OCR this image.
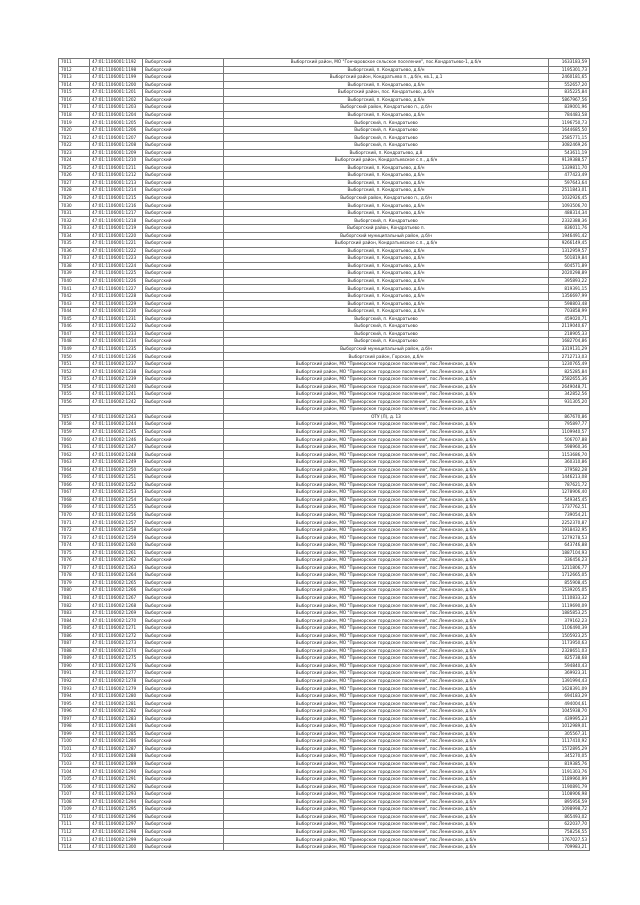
7011	47:01:1106001:1192	Выборгский	Выборгский район, МО "Гончаровское сельское поселение", пос.Кондратьево-1, д.б/н	1633183,59
7012	47:01:1106001:1198	Выборгский	Выборгский, п. Кондратьево, д.б/н	1195301,73
7013	47:01:1106001:1199	Выборгский	Выборгский район, Кондратьево п., д.б/н, кв.1, д.1	2460181,65
7014	47:01:1106001:1200	Выборгский	Выборгский, п. Кондратьево, д.б/н	552657,20
7015	47:01:1106001:1201	Выборгский	Выборгский район, пос. Кондратьево, д.б/н	835225,84
7016	47:01:1106001:1202	Выборгский	Выборгский, п. Кондратьево, д.б/н	5867967,56
7017	47:01:1106001:1203	Выборгский	Выборгский район, Кондратьево п., д.б/н	839001,96
7018	47:01:1106001:1204	Выборгский	Выборгский, п. Кондратьево, д.б/н	784483,58
7019	47:01:1106001:1205	Выборгский	Выборгский, п. Кондратьево	1196750,73
7020	47:01:1106001:1206	Выборгский	Выборгский, п. Кондратьево	1644685,50
7021	47:01:1106001:1207	Выборгский	Выборгский, п. Кондратьево	2585771,15
7022	47:01:1106001:1208	Выборгский	Выборгский, п. Кондратьево	3082469,26
7023	47:01:1106001:1209	Выборгский	Выборгский, п. Кондратьево, д.8	543611,19
7024	47:01:1106001:1210	Выборгский	Выборгский район, Кондратьевское с.п., д.б/н	9139388,57
7025	47:01:1106001:1211	Выборгский	Выборгский, п. Кондратьево, д.б/н	1339811,70
7026	47:01:1106001:1212	Выборгский	Выборгский, п. Кондратьево, д.б/н	477423,49
7027	47:01:1106001:1213	Выборгский	Выборгский, п. Кондратьево, д.б/н	597643,64
7028	47:01:1106001:1214	Выборгский	Выборгский, п. Кондратьево, д.б/н	2511843,01
7029	47:01:1106001:1215	Выборгский	Выборгский район, Кондратьево п., д.б/н	1032926,45
7030	47:01:1106001:1216	Выборгский	Выборгский, п. Кондратьево, д.б/н	1093506,70
7031	47:01:1106001:1217	Выборгский	Выборгский, п. Кондратьево, д.б/н	488314,34
7032	47:01:1106001:1218	Выборгский	Выборгский, п. Кондратьево	2332388,36
7033	47:01:1106001:1219	Выборгский	Выборгский район, Кондратьево п.	836011,76
7034	47:01:1106001:1220	Выборгский	Выборгский муниципальный район, д.б/н	1946491,42
7035	47:01:1106001:1221	Выборгский	Выборгский район, Кондратьевское с.п., д.б/н	9266149,45
7036	47:01:1106001:1222	Выборгский	Выборгский, п. Кондратьево, д.б/н	1312959,57
7037	47:01:1106001:1223	Выборгский	Выборгский, п. Кондратьево, д.б/н	501819,84
7038	47:01:1106001:1224	Выборгский	Выборгский, п. Кондратьево, д.б/н	604571,89
7039	47:01:1106001:1225	Выборгский	Выборгский, п. Кондратьево, д.б/н	2020298,89
7040	47:01:1106001:1226	Выборгский	Выборгский, п. Кондратьево, д.б/н	395893,22
7041	47:01:1106001:1227	Выборгский	Выборгский, п. Кондратьево, д.б/н	819391,15
7042	47:01:1106001:1228	Выборгский	Выборгский, п. Кондратьево, д.б/н	1356697,99
7043	47:01:1106001:1229	Выборгский	Выборгский, п. Кондратьево, д.б/н	598803,48
7044	47:01:1106001:1230	Выборгский	Выборгский, п. Кондратьево, д.б/н	703858,99
7045	47:01:1106001:1231	Выборгский	Выборгский, п. Кондратьево	459020,71
7046	47:01:1106001:1232	Выборгский	Выборгский, п. Кондратьево	2119040,67
7047	47:01:1106001:1233	Выборгский	Выборгский, п. Кондратьево	218905,33
7048	47:01:1106001:1234	Выборгский	Выборгский, п. Кондратьево	1682704,86
7049	47:01:1106001:1235	Выборгский	Выборгский муниципальный район, д.б/н	3319131,29
7050	47:01:1106001:1236	Выборгский	Выборгский район, Горское, д.б/н	2712713,03
7051	47:01:1106002:1237	Выборгский	Выборгский район, МО "Приморское городское поселение", пос.Ленинское, д.б/н	1230765,49
7052	47:01:1106002:1238	Выборгский	Выборгский район, МО "Приморское городское поселение", пос.Ленинское, д.б/н	825285,84
7053	47:01:1106002:1239	Выборгский	Выборгский район, МО "Приморское городское поселение", пос.Ленинское, д.б/н	2582655,36
7054	47:01:1106002:1240	Выборгский	Выборгский район, МО "Приморское городское поселение", пос.Ленинское, д.б/н	2649048,71
7055	47:01:1106002:1241	Выборгский	Выборгский район, МО "Приморское городское поселение", пос.Ленинское, д.б/н	342852,56
7056	47:01:1106002:1242	Выборгский	Выборгский район, МО "Приморское городское поселение", пос.Ленинское, д.б/н	931305,20
			Выборгский район, МО "Приморское городское поселение", пос.Ленинское, д.б/н	
7057	47:01:1106002:1243	Выборгский	ОТУ (Л), д. 13	867670,86
7058	47:01:1106002:1244	Выборгский	Выборгский район, МО "Приморское городское поселение", пос.Ленинское, д.б/н	795897,77
7059	47:01:1106002:1245	Выборгский	Выборгский район, МО "Приморское городское поселение", пос.Ленинское, д.б/н	1109940,57
7060	47:01:1106002:1246	Выборгский	Выборгский район, МО "Приморское городское поселение", пос.Ленинское, д.б/н	506707,88
7061	47:01:1106002:1247	Выборгский	Выборгский район, МО "Приморское городское поселение", пос.Ленинское, д.б/н	598960,36
7062	47:01:1106002:1248	Выборгский	Выборгский район, МО "Приморское городское поселение", пос.Ленинское, д.б/н	1153686,70
7063	47:01:1106002:1249	Выборгский	Выборгский район, МО "Приморское городское поселение", пос.Ленинское, д.б/н	360310,86
7064	47:01:1106002:1250	Выборгский	Выборгский район, МО "Приморское городское поселение", пос.Ленинское, д.б/н	379582,28
7065	47:01:1106002:1251	Выборгский	Выборгский район, МО "Приморское городское поселение", пос.Ленинское, д.б/н	1446213,08
7066	47:01:1106002:1252	Выборгский	Выборгский район, МО "Приморское городское поселение", пос.Ленинское, д.б/н	787621,72
7067	47:01:1106002:1253	Выборгский	Выборгский район, МО "Приморское городское поселение", пос.Ленинское, д.б/н	1278906,40
7068	47:01:1106002:1254	Выборгский	Выборгский район, МО "Приморское городское поселение", пос.Ленинское, д.б/н	549345,45
7069	47:01:1106002:1255	Выборгский	Выборгский район, МО "Приморское городское поселение", пос.Ленинское, д.б/н	1737762,51
7070	47:01:1106002:1256	Выборгский	Выборгский район, МО "Приморское городское поселение", пос.Ленинское, д.б/н	739054,21
7071	47:01:1106002:1257	Выборгский	Выборгский район, МО "Приморское городское поселение", пос.Ленинское, д.б/н	2252370,87
7072	47:01:1106002:1258	Выборгский	Выборгский район, МО "Приморское городское поселение", пос.Ленинское, д.б/н	1918432,95
7073	47:01:1106002:1259	Выборгский	Выборгский район, МО "Приморское городское поселение", пос.Ленинское, д.б/н	1279278,53
7074	47:01:1106002:1260	Выборгский	Выборгский район, МО "Приморское городское поселение", пос.Ленинское, д.б/н	643746,88
7075	47:01:1106002:1261	Выборгский	Выборгский район, МО "Приморское городское поселение", пос.Ленинское, д.б/н	1887104,93
7076	47:01:1106002:1262	Выборгский	Выборгский район, МО "Приморское городское поселение", пос.Ленинское, д.б/н	336456,23
7077	47:01:1106002:1263	Выборгский	Выборгский район, МО "Приморское городское поселение", пос.Ленинское, д.б/н	1211806,77
7078	47:01:1106002:1264	Выборгский	Выборгский район, МО "Приморское городское поселение", пос.Ленинское, д.б/н	1712665,05
7079	47:01:1106002:1265	Выборгский	Выборгский район, МО "Приморское городское поселение", пос.Ленинское, д.б/н	855908,45
7080	47:01:1106002:1266	Выборгский	Выборгский район, МО "Приморское городское поселение", пос.Ленинское, д.б/н	1539205,05
7081	47:01:1106002:1267	Выборгский	Выборгский район, МО "Приморское городское поселение", пос.Ленинское, д.б/н	1110833,32
7082	47:01:1106002:1268	Выборгский	Выборгский район, МО "Приморское городское поселение", пос.Ленинское, д.б/н	1119690,09
7083	47:01:1106002:1269	Выборгский	Выборгский район, МО "Приморское городское поселение", пос.Ленинское, д.б/н	1885853,25
7084	47:01:1106002:1270	Выборгский	Выборгский район, МО "Приморское городское поселение", пос.Ленинское, д.б/н	379162,23
7085	47:01:1106002:1271	Выборгский	Выборгский район, МО "Приморское городское поселение", пос.Ленинское, д.б/н	1106490,39
7086	47:01:1106002:1272	Выборгский	Выборгский район, МО "Приморское городское поселение", пос.Ленинское, д.б/н	1505923,25
7087	47:01:1106002:1273	Выборгский	Выборгский район, МО "Приморское городское поселение", пос.Ленинское, д.б/н	1173950,63
7088	47:01:1106002:1274	Выборгский	Выборгский район, МО "Приморское городское поселение", пос.Ленинское, д.б/н	2328651,03
7089	47:01:1106002:1275	Выборгский	Выборгский район, МО "Приморское городское поселение", пос.Ленинское, д.б/н	825738,68
7090	47:01:1106002:1276	Выборгский	Выборгский район, МО "Приморское городское поселение", пос.Ленинское, д.б/н	594840,43
7091	47:01:1106002:1277	Выборгский	Выборгский район, МО "Приморское городское поселение", пос.Ленинское, д.б/н	369923,31
7092	47:01:1106002:1278	Выборгский	Выборгский район, МО "Приморское городское поселение", пос.Ленинское, д.б/н	1391994,43
7093	47:01:1106002:1279	Выборгский	Выборгский район, МО "Приморское городское поселение", пос.Ленинское, д.б/н	1628391,09
7094	47:01:1106002:1280	Выборгский	Выборгский район, МО "Приморское городское поселение", пос.Ленинское, д.б/н	694183,29
7095	47:01:1106002:1281	Выборгский	Выборгский район, МО "Приморское городское поселение", пос.Ленинское, д.б/н	494004,61
7096	47:01:1106002:1282	Выборгский	Выборгский район, МО "Приморское городское поселение", пос.Ленинское, д.б/н	1045938,70
7097	47:01:1106002:1283	Выборгский	Выборгский район, МО "Приморское городское поселение", пос.Ленинское, д.б/н	439995,23
7098	47:01:1106002:1284	Выборгский	Выборгский район, МО "Приморское городское поселение", пос.Ленинское, д.б/н	1012989,01
7099	47:01:1106002:1285	Выборгский	Выборгский район, МО "Приморское городское поселение", пос.Ленинское, д.б/н	305567,31
7100	47:01:1106002:1286	Выборгский	Выборгский район, МО "Приморское городское поселение", пос.Ленинское, д.б/н	1117410,92
7101	47:01:1106002:1287	Выборгский	Выборгский район, МО "Приморское городское поселение", пос.Ленинское, д.б/н	1572895,29
7102	47:01:1106002:1288	Выборгский	Выборгский район, МО "Приморское городское поселение", пос.Ленинское, д.б/н	345270,05
7103	47:01:1106002:1289	Выборгский	Выборгский район, МО "Приморское городское поселение", пос.Ленинское, д.б/н	819385,76
7104	47:01:1106002:1290	Выборгский	Выборгский район, МО "Приморское городское поселение", пос.Ленинское, д.б/н	1191303,76
7105	47:01:1106002:1291	Выборгский	Выборгский район, МО "Приморское городское поселение", пос.Ленинское, д.б/н	1189960,99
7106	47:01:1106002:1292	Выборгский	Выборгский район, МО "Приморское городское поселение", пос.Ленинское, д.б/н	1190891,79
7107	47:01:1106002:1293	Выборгский	Выборгский район, МО "Приморское городское поселение", пос.Ленинское, д.б/н	1108906,98
7108	47:01:1106002:1294	Выборгский	Выборгский район, МО "Приморское городское поселение", пос.Ленинское, д.б/н	895956,59
7109	47:01:1106002:1295	Выборгский	Выборгский район, МО "Приморское городское поселение", пос.Ленинское, д.б/н	1098998,72
7110	47:01:1106002:1296	Выборгский	Выборгский район, МО "Приморское городское поселение", пос.Ленинское, д.б/н	865493,02
7111	47:01:1106002:1297	Выборгский	Выборгский район, МО "Приморское городское поселение", пос.Ленинское, д.б/н	622037,70
7112	47:01:1106002:1298	Выборгский	Выборгский район, МО "Приморское городское поселение", пос.Ленинское, д.б/н	758256,55
7113	47:01:1106002:1299	Выборгский	Выборгский район, МО "Приморское городское поселение", пос.Ленинское, д.б/н	1767027,53
7114	47:01:1106002:1300	Выборгский	Выборгский район, МО "Приморское городское поселение", пос.Ленинское, д.б/н	709983,21
